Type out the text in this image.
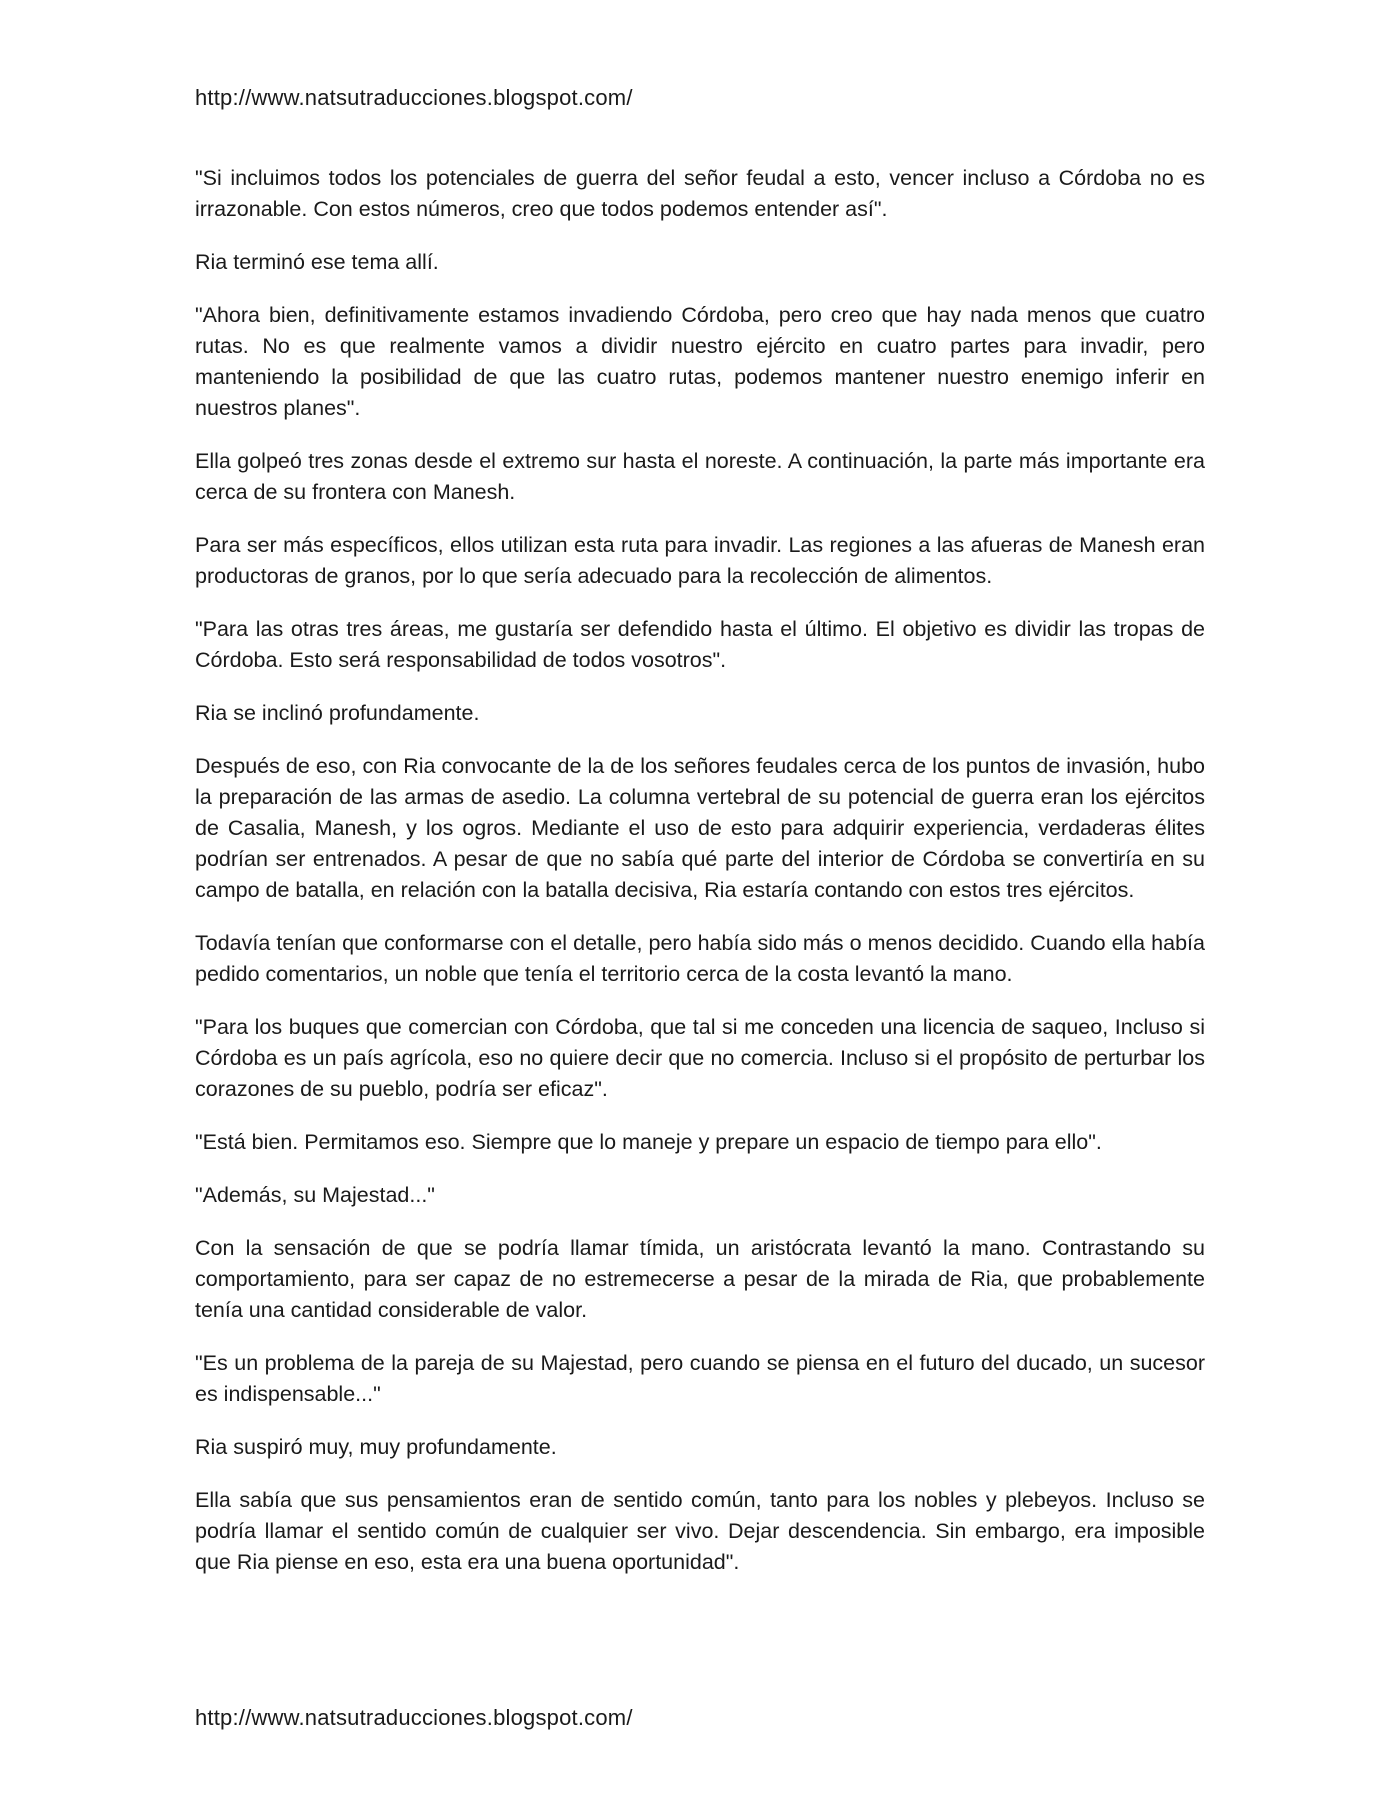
http://www.natsutraducciones.blogspot.com/

"Si incluimos todos los potenciales de guerra del señor feudal a esto, vencer incluso a Córdoba no es irrazonable. Con estos números, creo que todos podemos entender así".

Ria terminó ese tema allí.

"Ahora bien, definitivamente estamos invadiendo Córdoba, pero creo que hay nada menos que cuatro rutas. No es que realmente vamos a dividir nuestro ejército en cuatro partes para invadir, pero manteniendo la posibilidad de que las cuatro rutas, podemos mantener nuestro enemigo inferir en nuestros planes".

Ella golpeó tres zonas desde el extremo sur hasta el noreste. A continuación, la parte más importante era cerca de su frontera con Manesh.

Para ser más específicos, ellos utilizan esta ruta para invadir. Las regiones a las afueras de Manesh eran productoras de granos, por lo que sería adecuado para la recolección de alimentos.

"Para las otras tres áreas, me gustaría ser defendido hasta el último. El objetivo es dividir las tropas de Córdoba. Esto será responsabilidad de todos vosotros".

Ria se inclinó profundamente.

Después de eso, con Ria convocante de la de los señores feudales cerca de los puntos de invasión, hubo la preparación de las armas de asedio. La columna vertebral de su potencial de guerra eran los ejércitos de Casalia, Manesh, y los ogros. Mediante el uso de esto para adquirir experiencia, verdaderas élites podrían ser entrenados. A pesar de que no sabía qué parte del interior de Córdoba se convertiría en su campo de batalla, en relación con la batalla decisiva, Ria estaría contando con estos tres ejércitos.

Todavía tenían que conformarse con el detalle, pero había sido más o menos decidido. Cuando ella había pedido comentarios, un noble que tenía el territorio cerca de la costa levantó la mano.

"Para los buques que comercian con Córdoba, que tal si me conceden una licencia de saqueo, Incluso si Córdoba es un país agrícola, eso no quiere decir que no comercia. Incluso si el propósito de perturbar los corazones de su pueblo, podría ser eficaz".

"Está bien. Permitamos eso. Siempre que lo maneje y prepare un espacio de tiempo para ello".

"Además, su Majestad..."

Con la sensación de que se podría llamar tímida, un aristócrata levantó la mano. Contrastando su comportamiento, para ser capaz de no estremecerse a pesar de la mirada de Ria, que probablemente tenía una cantidad considerable de valor.

"Es un problema de la pareja de su Majestad, pero cuando se piensa en el futuro del ducado, un sucesor es indispensable..."

Ria suspiró muy, muy profundamente.

Ella sabía que sus pensamientos eran de sentido común, tanto para los nobles y plebeyos. Incluso se podría llamar el sentido común de cualquier ser vivo. Dejar descendencia. Sin embargo, era imposible que Ria piense en eso, esta era una buena oportunidad".

http://www.natsutraducciones.blogspot.com/
